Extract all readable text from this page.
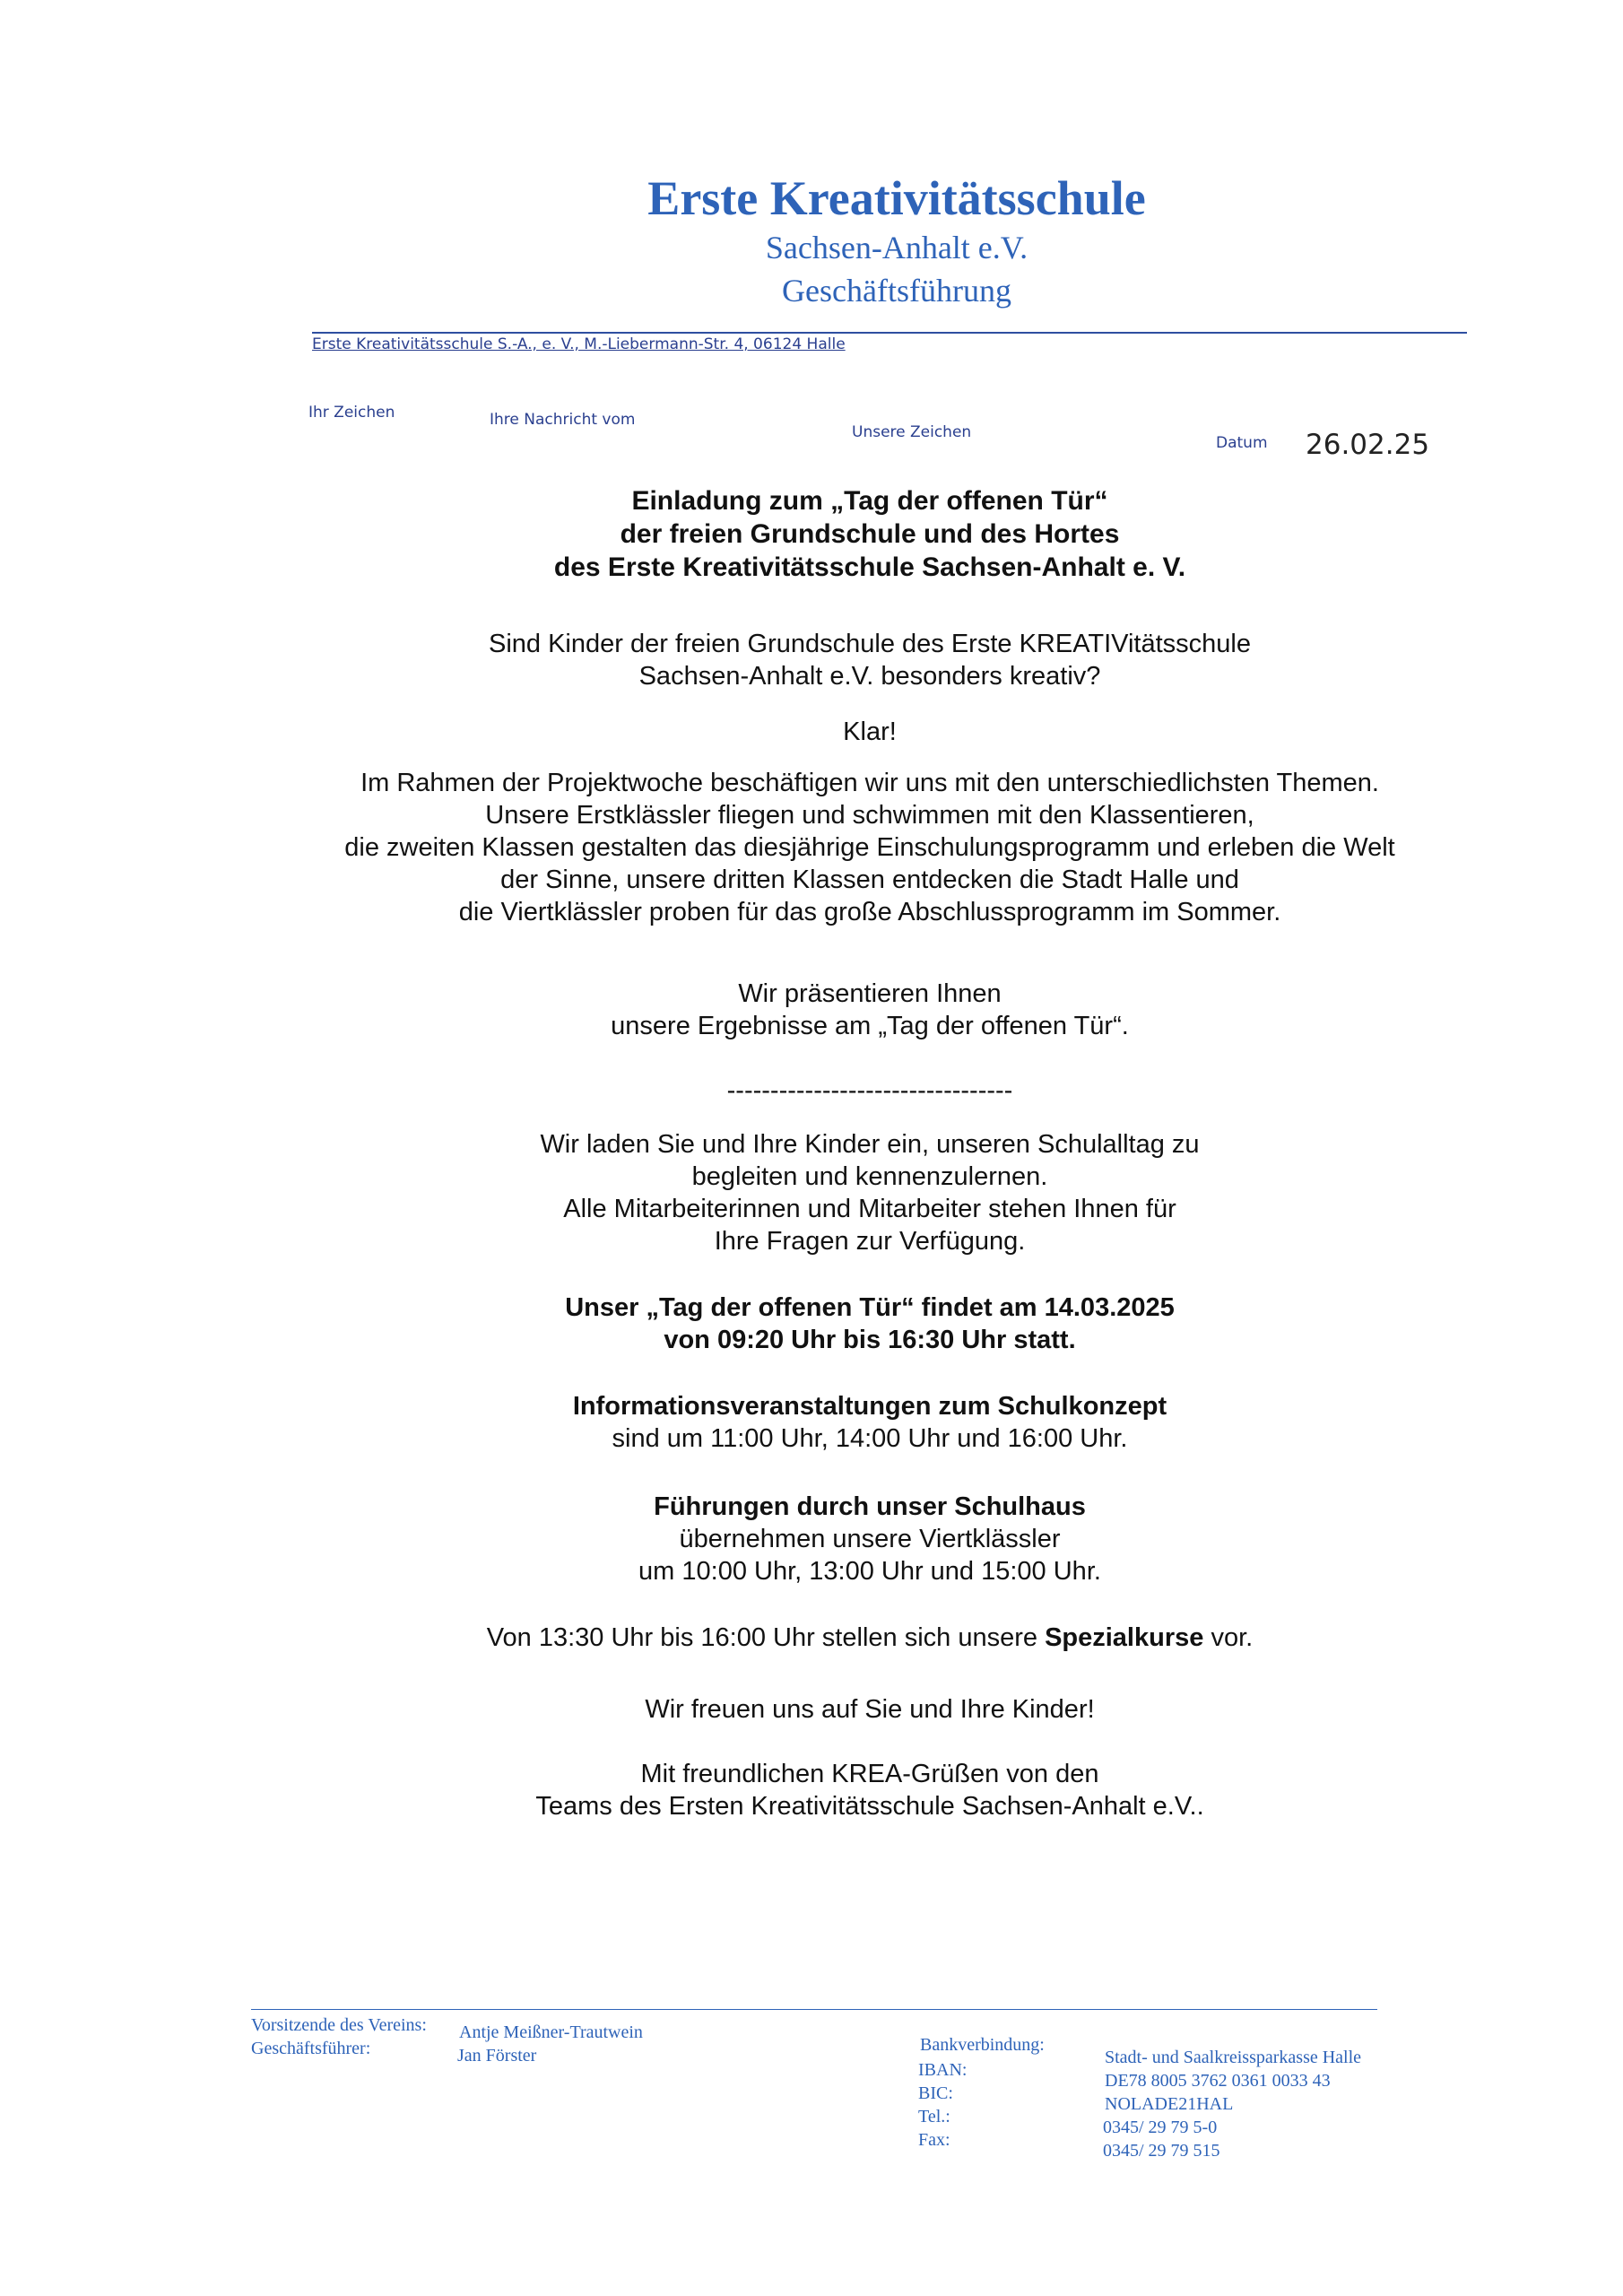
Erste Kreativitätsschule
Sachsen-Anhalt e.V.
Geschäftsführung
Erste Kreativitätsschule S.-A., e. V., M.-Liebermann-Str. 4, 06124 Halle
Ihr Zeichen	Ihre Nachricht vom
Unsere Zeichen
Datum 26.02.25

Einladung zum „Tag der offenen Tür“

der freien Grundschule und des Hortes

des Erste Kreativitätsschule Sachsen-Anhalt e. V.

Sind Kinder der freien Grundschule des Erste KREATIVitätsschule

Sachsen-Anhalt e.V. besonders kreativ?

Klar!

Im Rahmen der Projektwoche beschäftigen wir uns mit den unterschiedlichsten Themen.

Unsere Erstklässler fliegen und schwimmen mit den Klassentieren,

die zweiten Klassen gestalten das diesjährige Einschulungsprogramm und erleben die Welt

der Sinne, unsere dritten Klassen entdecken die Stadt Halle und

die Viertklässler proben für das große Abschlussprogramm im Sommer.

Wir präsentieren Ihnen

unsere Ergebnisse am „Tag der offenen Tür“.

---------------------------------

Wir laden Sie und Ihre Kinder ein, unseren Schulalltag zu

begleiten und kennenzulernen.

Alle Mitarbeiterinnen und Mitarbeiter stehen Ihnen für

Ihre Fragen zur Verfügung.

Unser „Tag der offenen Tür“ findet am 14.03.2025

von 09:20 Uhr bis 16:30 Uhr statt.

Informationsveranstaltungen zum Schulkonzept

sind um 11:00 Uhr, 14:00 Uhr und 16:00 Uhr.

Führungen durch unser Schulhaus

übernehmen unsere Viertklässler

um 10:00 Uhr, 13:00 Uhr und 15:00 Uhr.

Von 13:30 Uhr bis 16:00 Uhr stellen sich unsere Spezialkurse vor.

Wir freuen uns auf Sie und Ihre Kinder!

Mit freundlichen KREA-Grüßen von den

Teams des Ersten Kreativitätsschule Sachsen-Anhalt e.V..

Vorsitzende des Vereins: Antje Meißner-Trautwein
Geschäftsführer:	Jan Förster
Bankverbindung:
IBAN:
BIC:
Tel.:
Fax:
Stadt- und Saalkreissparkasse Halle
DE78 8005 3762 0361 0033 43
NOLADE21HAL
0345/ 29 79 5-0
0345/ 29 79 515
